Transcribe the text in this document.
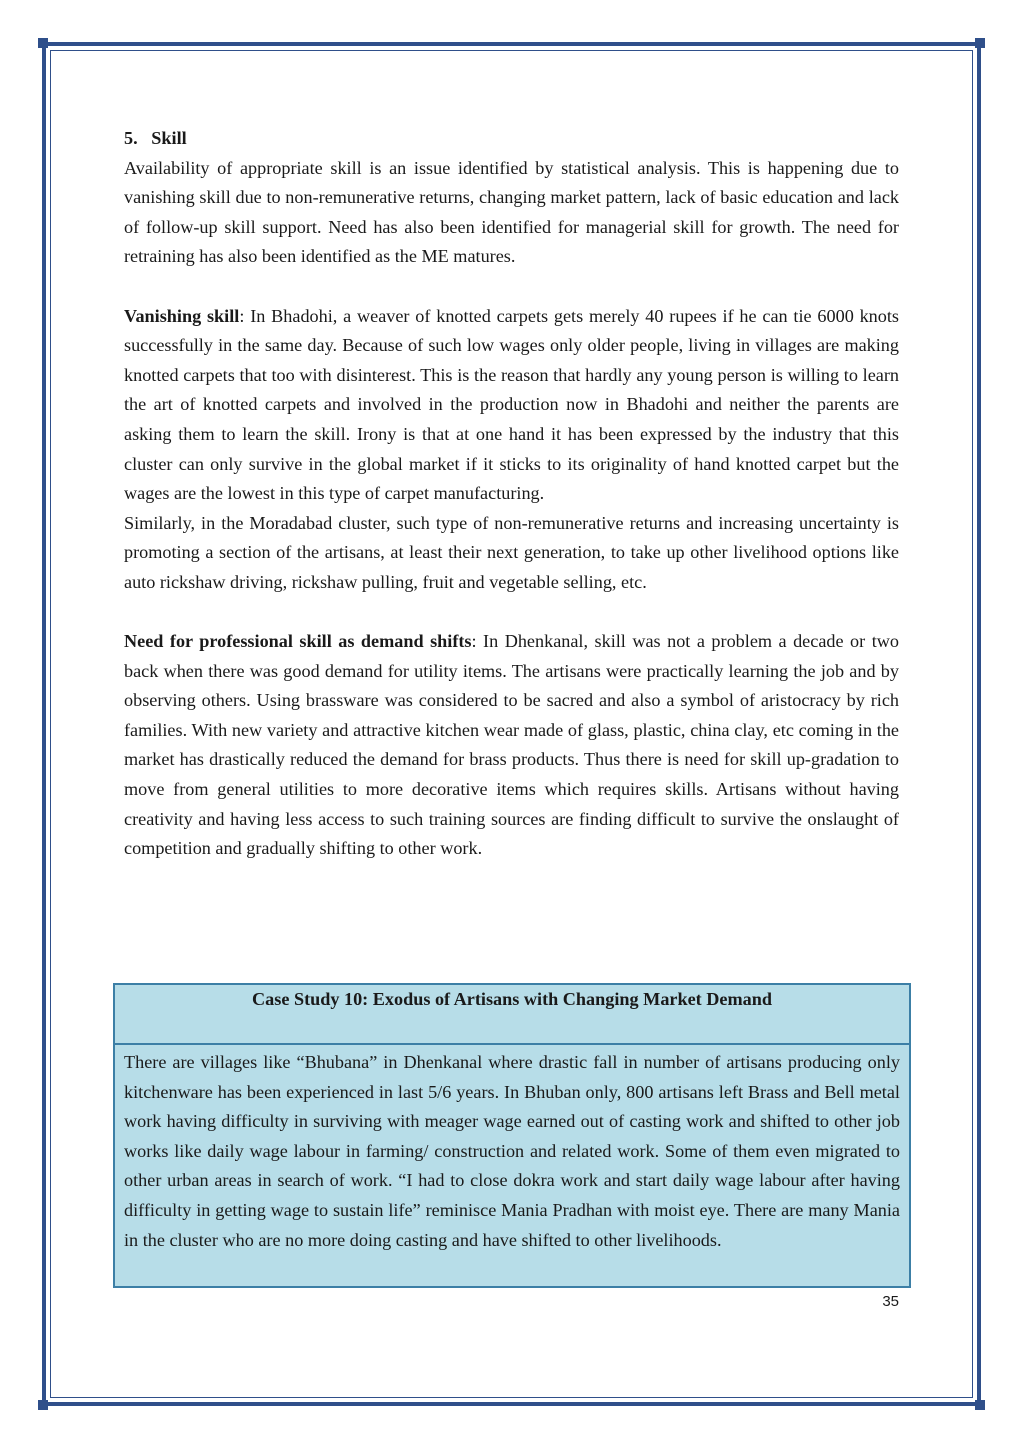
5. Skill

Availability of appropriate skill is an issue identified by statistical analysis. This is happening due to vanishing skill due to non-remunerative returns, changing market pattern, lack of basic education and lack of follow-up skill support. Need has also been identified for managerial skill for growth. The need for retraining has also been identified as the ME matures.

Vanishing skill: In Bhadohi, a weaver of knotted carpets gets merely 40 rupees if he can tie 6000 knots successfully in the same day. Because of such low wages only older people, living in villages are making knotted carpets that too with disinterest. This is the reason that hardly any young person is willing to learn the art of knotted carpets and involved in the production now in Bhadohi and neither the parents are asking them to learn the skill. Irony is that at one hand it has been expressed by the industry that this cluster can only survive in the global market if it sticks to its originality of hand knotted carpet but the wages are the lowest in this type of carpet manufacturing.

Similarly, in the Moradabad cluster, such type of non-remunerative returns and increasing uncertainty is promoting a section of the artisans, at least their next generation, to take up other livelihood options like auto rickshaw driving, rickshaw pulling, fruit and vegetable selling, etc.

Need for professional skill as demand shifts: In Dhenkanal, skill was not a problem a decade or two back when there was good demand for utility items. The artisans were practically learning the job and by observing others. Using brassware was considered to be sacred and also a symbol of aristocracy by rich families. With new variety and attractive kitchen wear made of glass, plastic, china clay, etc coming in the market has drastically reduced the demand for brass products. Thus there is need for skill up-gradation to move from general utilities to more decorative items which requires skills. Artisans without having creativity and having less access to such training sources are finding difficult to survive the onslaught of competition and gradually shifting to other work.

Case Study 10: Exodus of Artisans with Changing Market Demand
There are villages like “Bhubana” in Dhenkanal where drastic fall in number of artisans producing only kitchenware has been experienced in last 5/6 years. In Bhuban only, 800 artisans left Brass and Bell metal work having difficulty in surviving with meager wage earned out of casting work and shifted to other job works like daily wage labour in farming/ construction and related work. Some of them even migrated to other urban areas in search of work. “I had to close dokra work and start daily wage labour after having difficulty in getting wage to sustain life” reminisce Mania Pradhan with moist eye. There are many Mania in the cluster who are no more doing casting and have shifted to other livelihoods.
35
